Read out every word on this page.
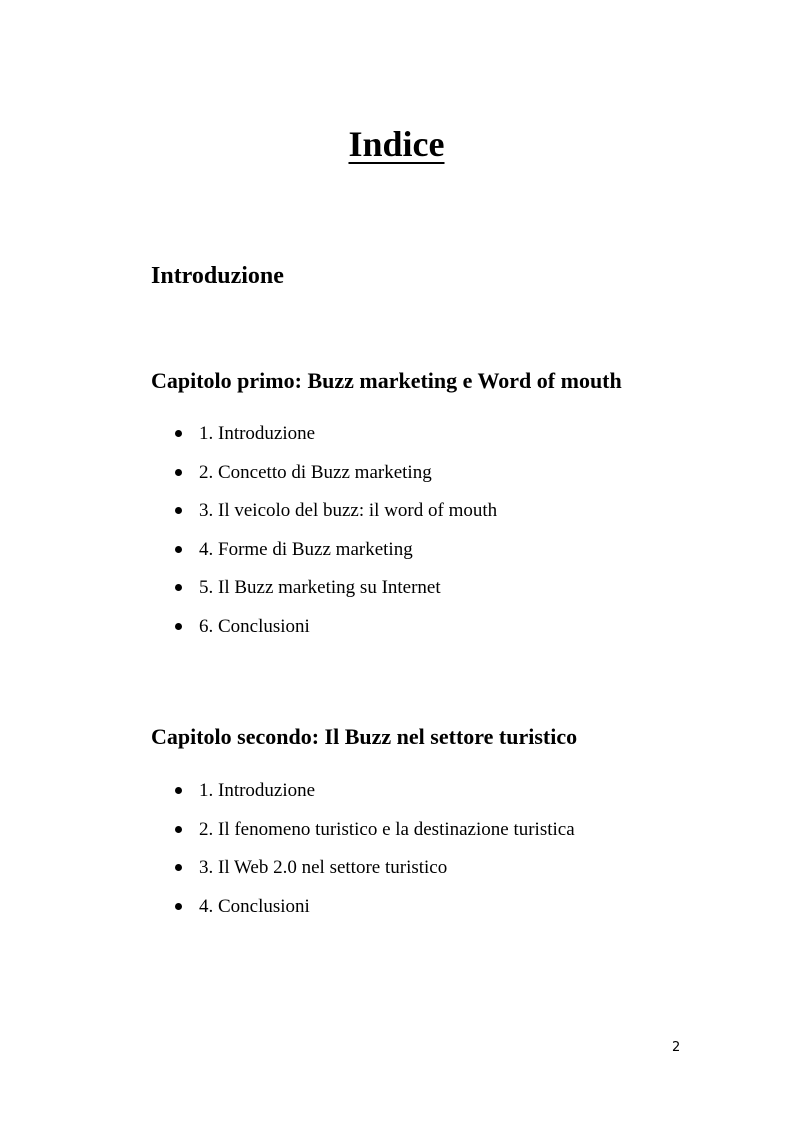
Indice
Introduzione
Capitolo primo: Buzz marketing e Word of mouth
1. Introduzione
2. Concetto di Buzz marketing
3. Il veicolo del buzz: il word of mouth
4. Forme di Buzz marketing
5. Il Buzz marketing su Internet
6. Conclusioni
Capitolo secondo: Il Buzz nel settore turistico
1. Introduzione
2. Il fenomeno turistico e la destinazione turistica
3. Il Web 2.0 nel settore turistico
4. Conclusioni
2
